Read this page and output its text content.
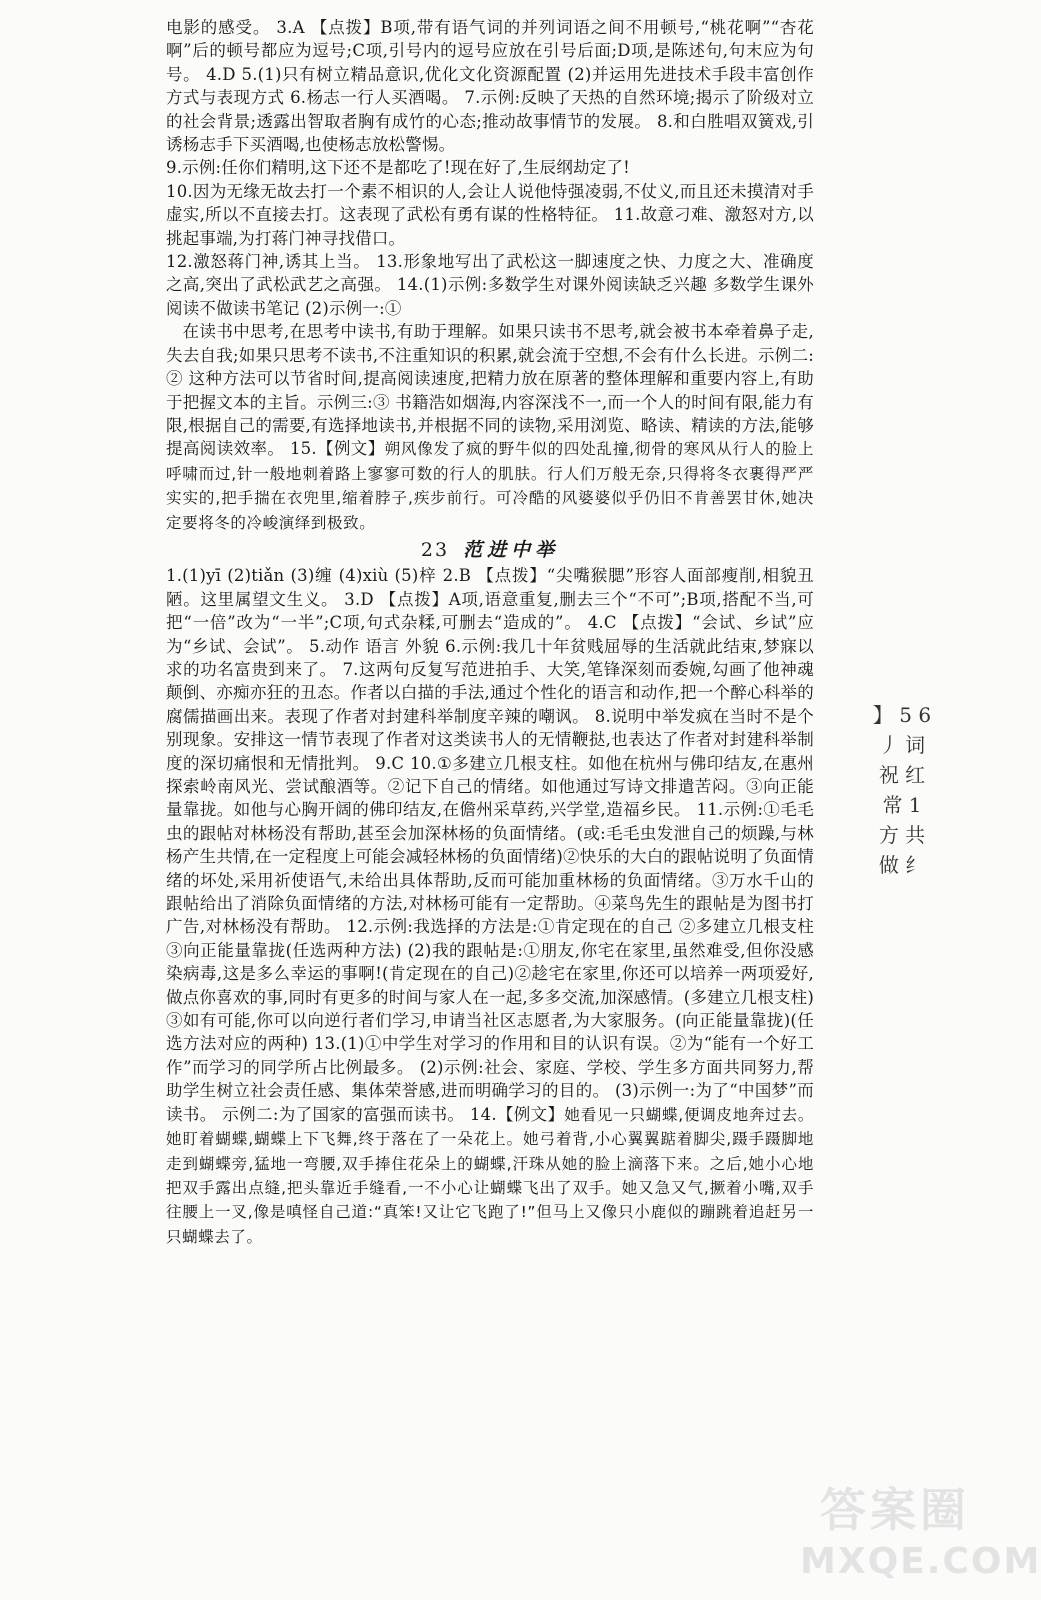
电影的感受。 3.A 【点拨】B项,带有语气词的并列词语之间不用顿号,“桃花啊”“杏花啊”后的顿号都应为逗号;C项,引号内的逗号应放在引号后面;D项,是陈述句,句末应为句号。 4.D 5.(1)只有树立精品意识,优化文化资源配置 (2)并运用先进技术手段丰富创作方式与表现方式 6.杨志一行人买酒喝。 7.示例:反映了天热的自然环境;揭示了阶级对立的社会背景;透露出智取者胸有成竹的心态;推动故事情节的发展。 8.和白胜唱双簧戏,引诱杨志手下买酒喝,也使杨志放松警惕。

9.示例:任你们精明,这下还不是都吃了!现在好了,生辰纲劫定了!

10.因为无缘无故去打一个素不相识的人,会让人说他恃强凌弱,不仗义,而且还未摸清对手虚实,所以不直接去打。这表现了武松有勇有谋的性格特征。 11.故意刁难、激怒对方,以挑起事端,为打蒋门神寻找借口。

12.激怒蒋门神,诱其上当。 13.形象地写出了武松这一脚速度之快、力度之大、准确度之高,突出了武松武艺之高强。 14.(1)示例:多数学生对课外阅读缺乏兴趣 多数学生课外阅读不做读书笔记 (2)示例一:①

在读书中思考,在思考中读书,有助于理解。如果只读书不思考,就会被书本牵着鼻子走,失去自我;如果只思考不读书,不注重知识的积累,就会流于空想,不会有什么长进。示例二:② 这种方法可以节省时间,提高阅读速度,把精力放在原著的整体理解和重要内容上,有助于把握文本的主旨。示例三:③ 书籍浩如烟海,内容深浅不一,而一个人的时间有限,能力有限,根据自己的需要,有选择地读书,并根据不同的读物,采用浏览、略读、精读的方法,能够提高阅读效率。 15.【例文】朔风像发了疯的野牛似的四处乱撞,彻骨的寒风从行人的脸上呼啸而过,针一般地刺着路上寥寥可数的行人的肌肤。行人们万般无奈,只得将冬衣裹得严严实实的,把手揣在衣兜里,缩着脖子,疾步前行。可冷酷的风婆婆似乎仍旧不肯善罢甘休,她决定要将冬的冷峻演绎到极致。

23 范进中举

1.(1)yī (2)tiǎn (3)缠 (4)xiù (5)梓 2.B 【点拨】“尖嘴猴腮”形容人面部瘦削,相貌丑陋。这里属望文生义。 3.D 【点拨】A项,语意重复,删去三个“不可”;B项,搭配不当,可把“一倍”改为“一半”;C项,句式杂糅,可删去“造成的”。 4.C 【点拨】“会试、乡试”应为“乡试、会试”。 5.动作 语言 外貌 6.示例:我几十年贫贱屈辱的生活就此结束,梦寐以求的功名富贵到来了。 7.这两句反复写范进拍手、大笑,笔锋深刻而委婉,勾画了他神魂颠倒、亦痴亦狂的丑态。作者以白描的手法,通过个性化的语言和动作,把一个醉心科举的腐儒描画出来。表现了作者对封建科举制度辛辣的嘲讽。 8.说明中举发疯在当时不是个别现象。安排这一情节表现了作者对这类读书人的无情鞭挞,也表达了作者对封建科举制度的深切痛恨和无情批判。 9.C 10.①多建立几根支柱。如他在杭州与佛印结友,在惠州探索岭南风光、尝试酿酒等。②记下自己的情绪。如他通过写诗文排遣苦闷。③向正能量靠拢。如他与心胸开阔的佛印结友,在儋州采草药,兴学堂,造福乡民。 11.示例:①毛毛虫的跟帖对林杨没有帮助,甚至会加深林杨的负面情绪。(或:毛毛虫发泄自己的烦躁,与林杨产生共情,在一定程度上可能会减轻林杨的负面情绪)②快乐的大白的跟帖说明了负面情绪的坏处,采用祈使语气,未给出具体帮助,反而可能加重林杨的负面情绪。③万水千山的跟帖给出了消除负面情绪的方法,对林杨可能有一定帮助。④菜鸟先生的跟帖是为图书打广告,对林杨没有帮助。 12.示例:我选择的方法是:①肯定现在的自己 ②多建立几根支柱 ③向正能量靠拢(任选两种方法) (2)我的跟帖是:①朋友,你宅在家里,虽然难受,但你没感染病毒,这是多么幸运的事啊!(肯定现在的自己)②趁宅在家里,你还可以培养一两项爱好,做点你喜欢的事,同时有更多的时间与家人在一起,多多交流,加深感情。(多建立几根支柱)③如有可能,你可以向逆行者们学习,申请当社区志愿者,为大家服务。(向正能量靠拢)(任选方法对应的两种) 13.(1)①中学生对学习的作用和目的认识有误。②为“能有一个好工作”而学习的同学所占比例最多。 (2)示例:社会、家庭、学校、学生多方面共同努力,帮助学生树立社会责任感、集体荣誉感,进而明确学习的目的。 (3)示例一:为了“中国梦”而读书。 示例二:为了国家的富强而读书。 14.【例文】她看见一只蝴蝶,便调皮地奔过去。她盯着蝴蝶,蝴蝶上下飞舞,终于落在了一朵花上。她弓着背,小心翼翼踮着脚尖,蹑手蹑脚地走到蝴蝶旁,猛地一弯腰,双手捧住花朵上的蝴蝶,汗珠从她的脸上滴落下来。之后,她小心地把双手露出点缝,把头靠近手缝看,一不小心让蝴蝶飞出了双手。她又急又气,撅着小嘴,双手往腰上一叉,像是嗔怪自己道:“真笨!又让它飞跑了!”但马上又像只小鹿似的蹦跳着追赶另一只蝴蝶去了。

】 5 6 丿 词 祝 红 常 1 方 共 做 纟
答案圈
MXQE.COM
